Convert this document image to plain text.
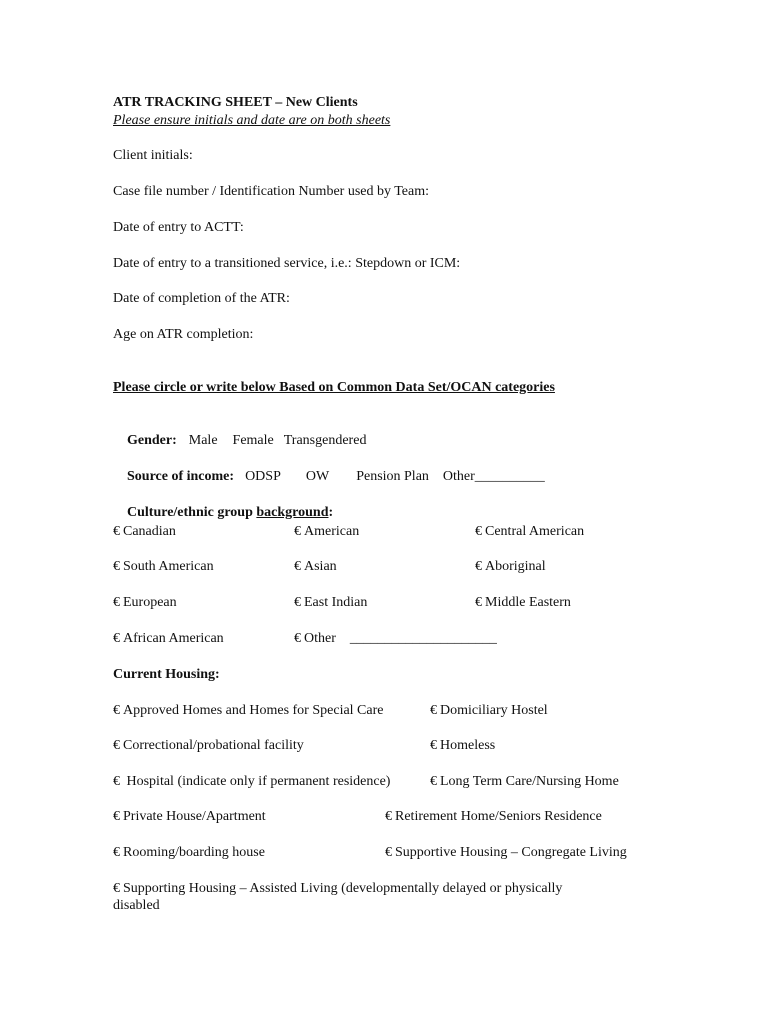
ATR TRACKING SHEET – New Clients
Please ensure initials and date are on both sheets
Client initials:
Case file number / Identification Number used by Team:
Date of entry to ACTT:
Date of entry to a transitioned service, i.e.: Stepdown or ICM:
Date of completion of the ATR:
Age on ATR completion:
Please circle or write below Based on Common Data Set/OCAN categories

Gender: Male Female Transgendered

Source of income: ODSP OW Pension Plan Other__________

Culture/ethnic group background:

€ Canadian	€ American	€ Central American
€ South American	€ Asian	€ Aboriginal
€ European	€ East Indian	€ Middle Eastern
€ African American	€ Other    _____________________
Current Housing:
€ Approved Homes and Homes for Special Care	€ Domiciliary Hostel
€ Correctional/probational facility	€ Homeless
€ Hospital (indicate only if permanent residence)	€ Long Term Care/Nursing Home
€ Private House/Apartment	€ Retirement Home/Seniors Residence
€ Rooming/boarding house	€ Supportive Housing – Congregate Living
€ Supporting Housing – Assisted Living (developmentally delayed or physically
disabled
